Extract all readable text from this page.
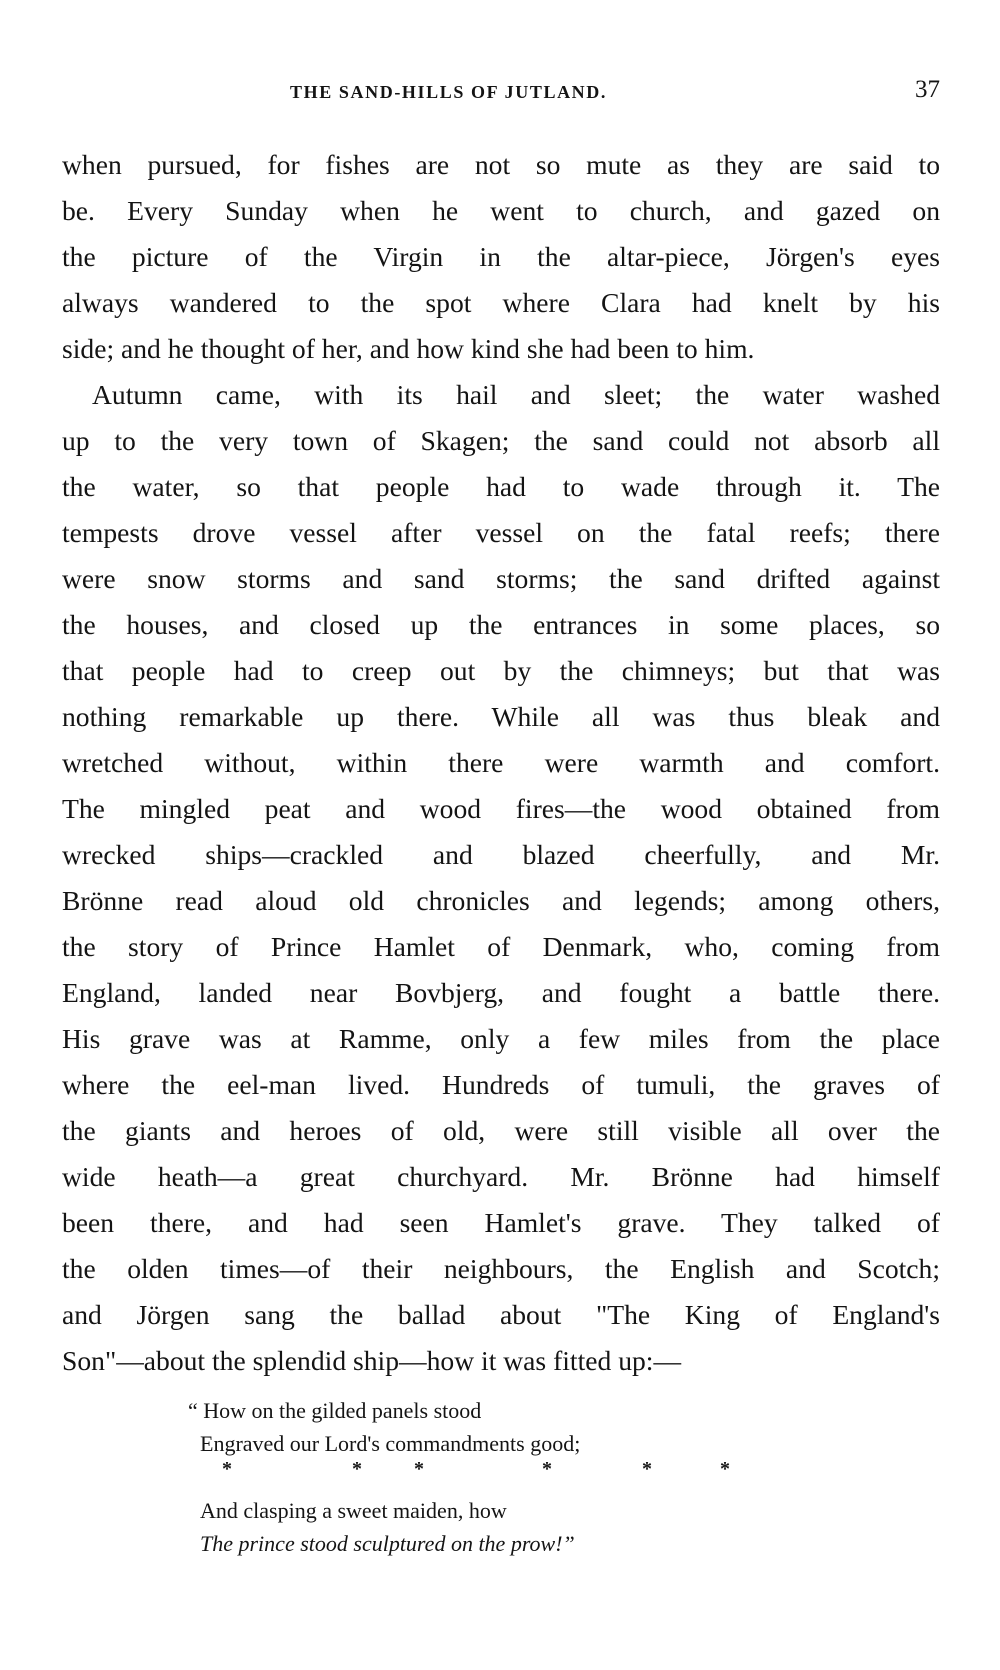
THE SAND-HILLS OF JUTLAND.	37
when pursued, for fishes are not so mute as they are said to
be. Every Sunday when he went to church, and gazed on
the picture of the Virgin in the altar-piece, Jörgen's eyes
always wandered to the spot where Clara had knelt by his
side; and he thought of her, and how kind she had been to him.
Autumn came, with its hail and sleet; the water washed
up to the very town of Skagen; the sand could not absorb all
the water, so that people had to wade through it. The
tempests drove vessel after vessel on the fatal reefs; there
were snow storms and sand storms; the sand drifted against
the houses, and closed up the entrances in some places, so
that people had to creep out by the chimneys; but that was
nothing remarkable up there. While all was thus bleak and
wretched without, within there were warmth and comfort.
The mingled peat and wood fires—the wood obtained from
wrecked ships—crackled and blazed cheerfully, and Mr.
Brönne read aloud old chronicles and legends; among others,
the story of Prince Hamlet of Denmark, who, coming from
England, landed near Bovbjerg, and fought a battle there.
His grave was at Ramme, only a few miles from the place
where the eel-man lived. Hundreds of tumuli, the graves of
the giants and heroes of old, were still visible all over the
wide heath—a great churchyard. Mr. Brönne had himself
been there, and had seen Hamlet's grave. They talked of
the olden times—of their neighbours, the English and Scotch;
and Jörgen sang the ballad about "The King of England's
Son"—about the splendid ship—how it was fitted up:—
“ How on the gilded panels stood
Engraved our Lord's commandments good;
*	*	*	*	*	*
And clasping a sweet maiden, how
The prince stood sculptured on the prow!”
